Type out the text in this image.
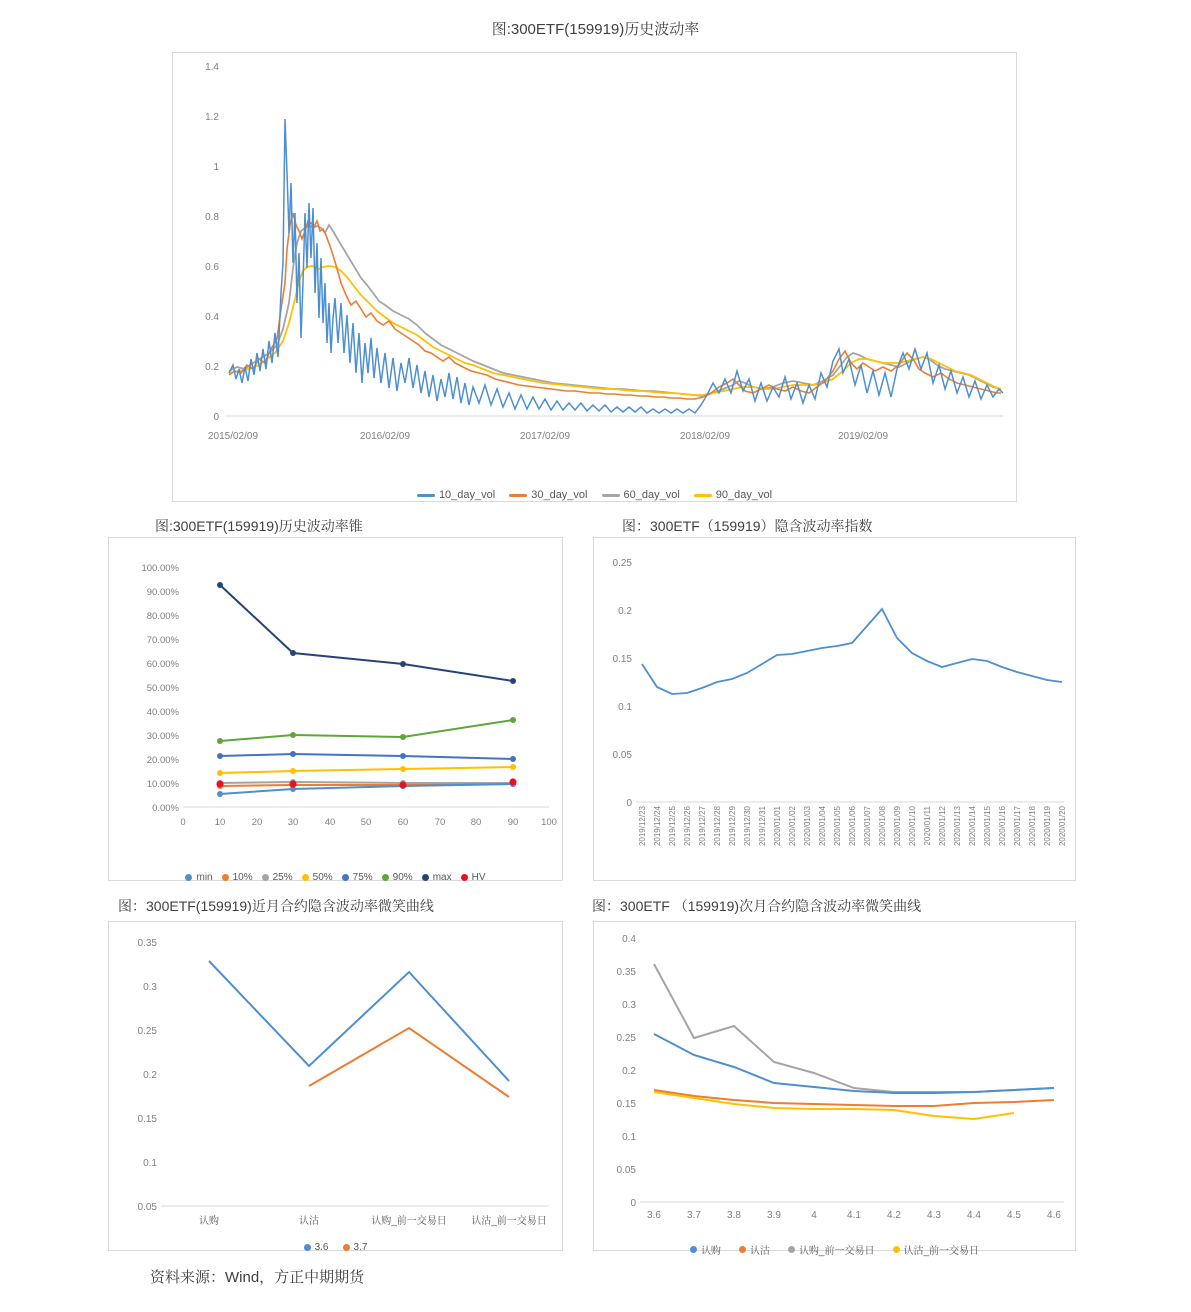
图:300ETF(159919)历史波动率
1.4
1.2
1
0.8
0.6
0.4
0.2
0
2015/02/09	2016/02/09	2017/02/09	2018/02/09	2019/02/09
10_day_vol	30_day_vol	60_day_vol	90_day_vol
图:300ETF(159919)历史波动率锥	图：300ETF（159919）隐含波动率指数
100.00%
90.00%
80.00%
70.00%
60.00%
50.00%
40.00%
30.00%
20.00%
10.00%
0.00%
0	10	20	30	40	50	60	70	80	90 100
min 10% 25% 50% 75% 90% max HV
0.25
0.2
0.15
0.1
0.05
0
2019/12/23 2019/12/24 2019/12/25 2019/12/26 2019/12/27 2019/12/28 2019/12/29 2019/12/30 2019/12/31 2020/01/01 2020/01/02 2020/01/03 2020/01/04 2020/01/05 2020/01/06 2020/01/07 2020/01/08 2020/01/09 2020/01/10 2020/01/11 2020/01/12 2020/01/13 2020/01/14 2020/01/15 2020/01/16 2020/01/17 2020/01/18 2020/01/19 2020/01/20
图：300ETF(159919)近月合约隐含波动率微笑曲线	图：300ETF （159919)次月合约隐含波动率微笑曲线
0.35
0.3
0.25
0.2
0.15
0.1
0.05
认购	认沽	认购_前一交易日 认沽_前一交易日
3.6	3.7
0.4
0.35
0.3
0.25
0.2
0.15
0.1
0.05
0
3.6	3.7	3.8	3.9	4	4.1	4.2	4.3	4.4	4.5	4.6
认购	认沽	认购_前一交易日	认沽_前一交易日
资料来源：Wind，方正中期期货
